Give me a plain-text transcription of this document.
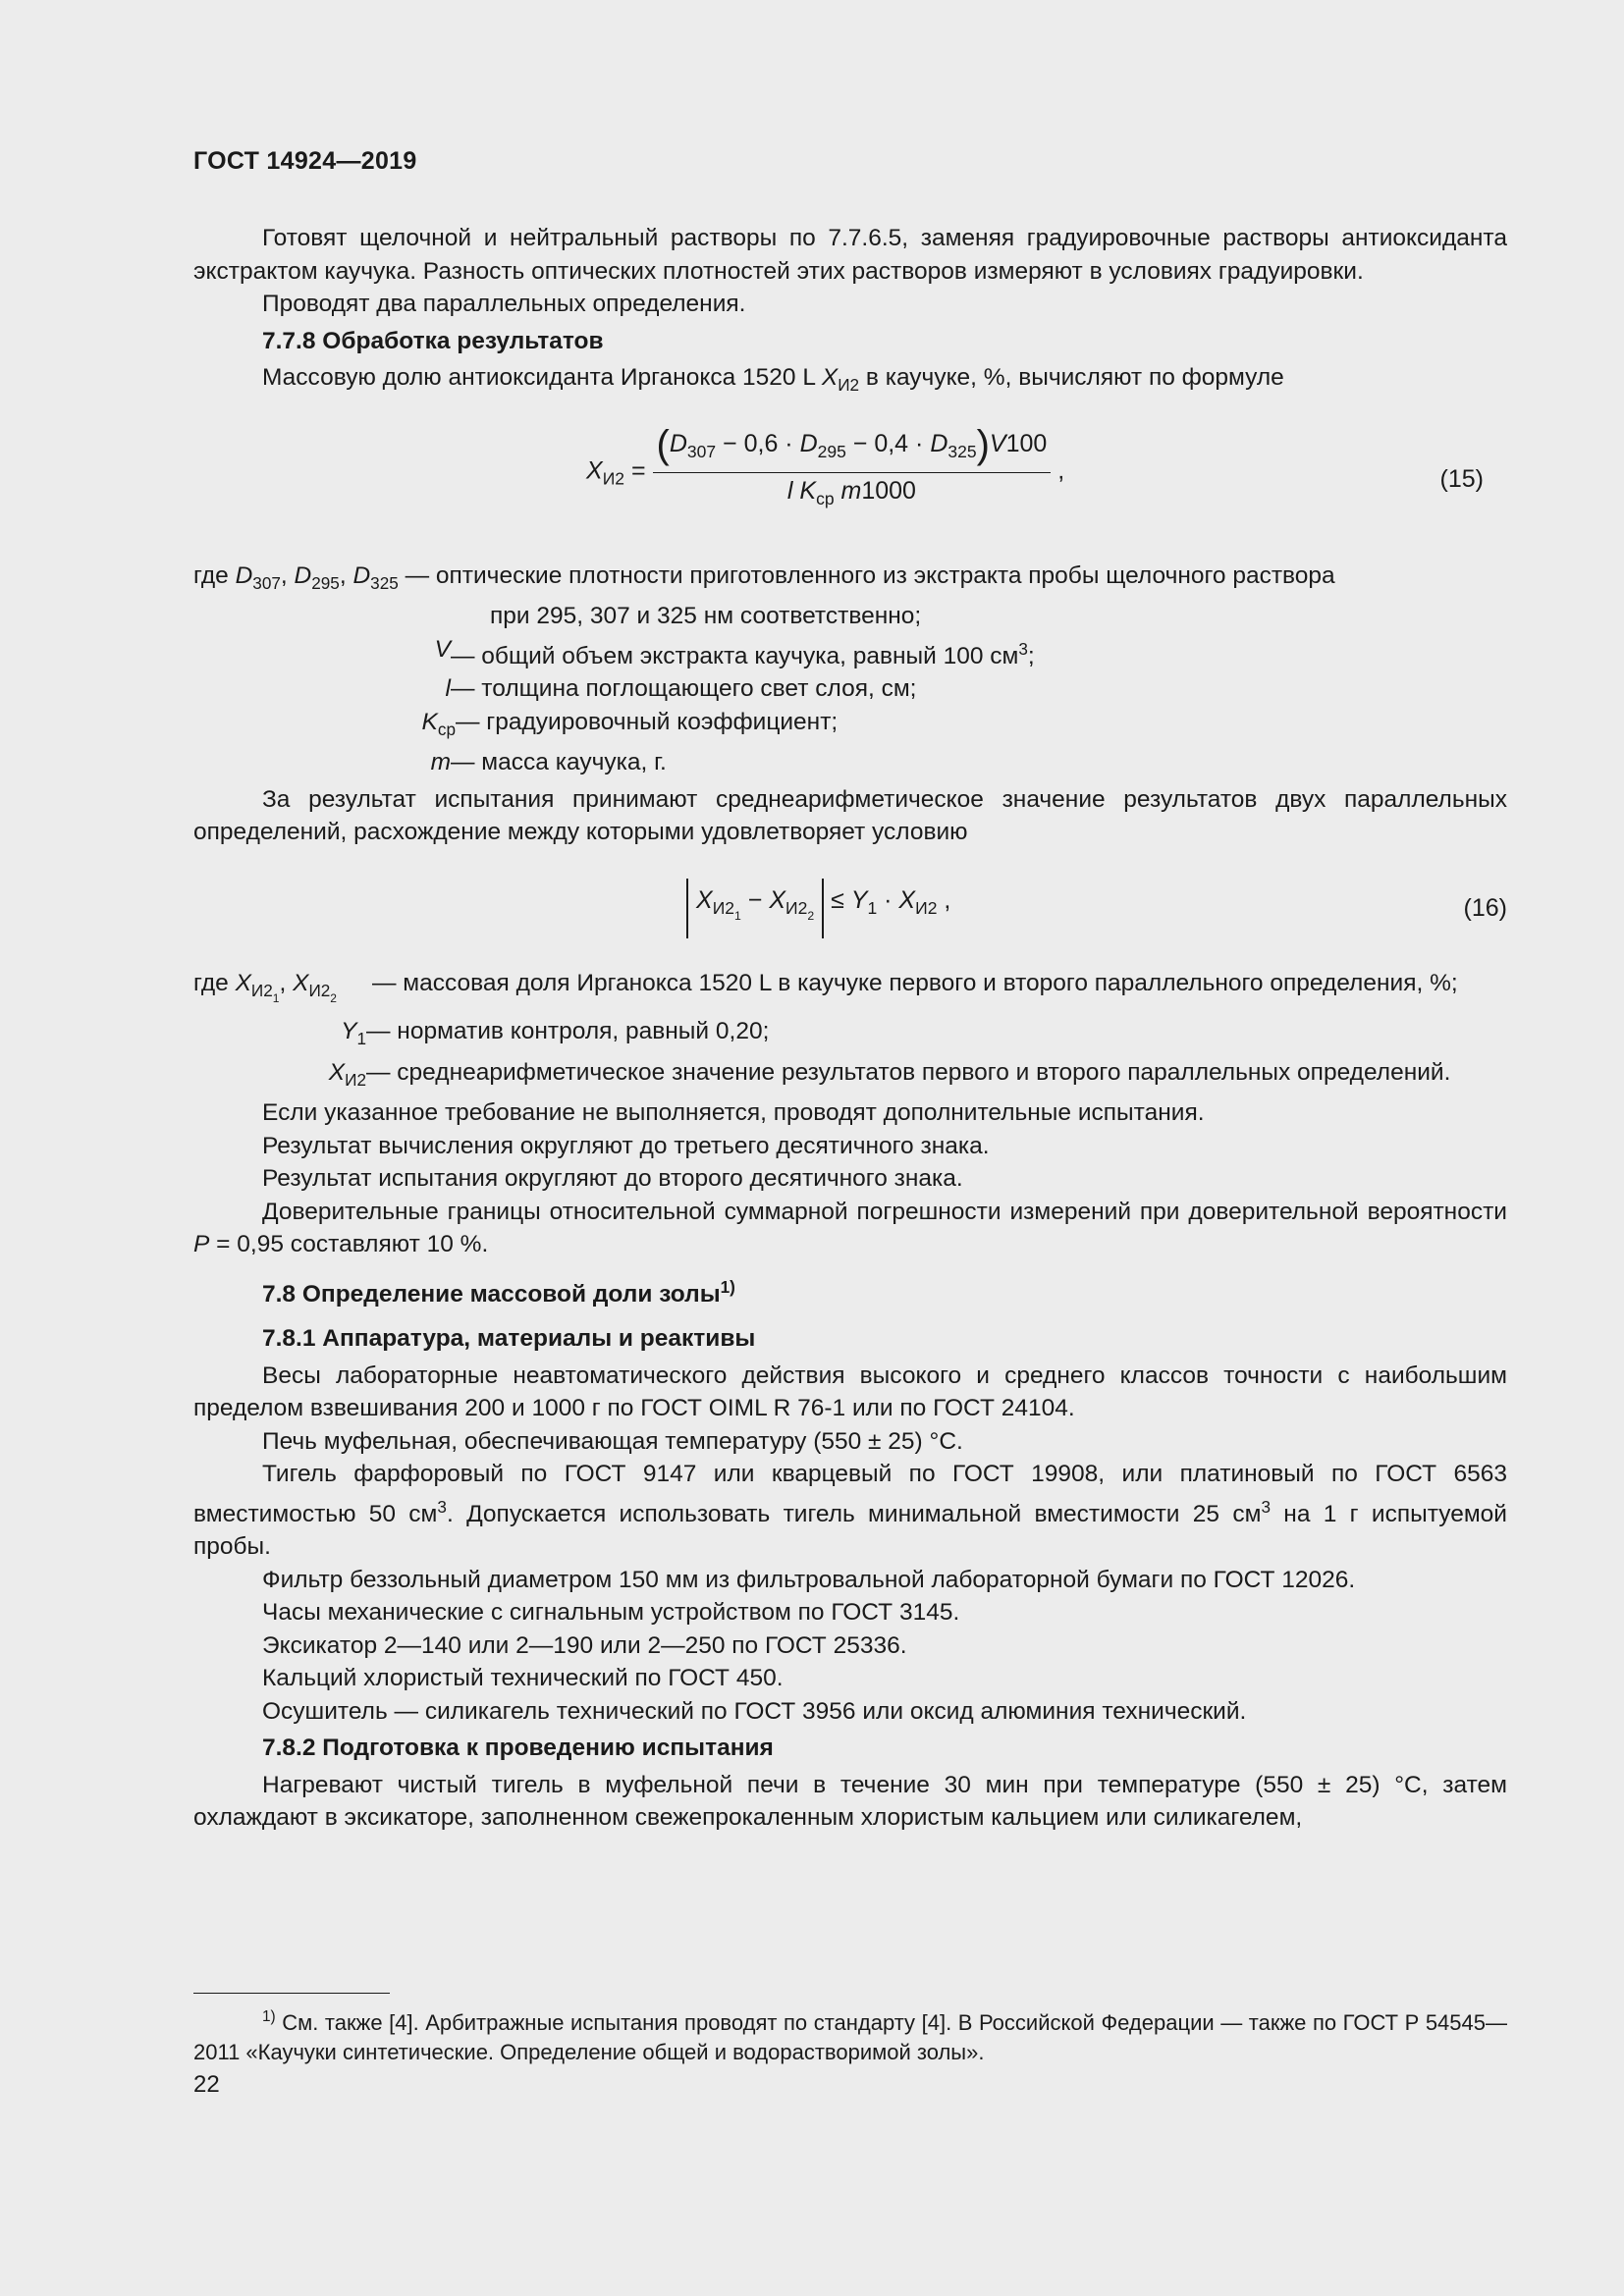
ГОСТ 14924—2019

Готовят щелочной и нейтральный растворы по 7.7.6.5, заменяя градуировочные растворы антиоксиданта экстрактом каучука. Разность оптических плотностей этих растворов измеряют в условиях градуировки.

Проводят два параллельных определения.

7.7.8 Обработка результатов

Массовую долю антиоксиданта Ирганокса 1520 L $X_{И2}$ в каучуке, %, вычисляют по формуле

$X_{И2} = \frac{(D_{307} - 0,6 \cdot D_{295} - 0,4 \cdot D_{325})V100}{l K_{ср} m1000}$ ,	(15)

где $D_{307}$, $D_{295}$, $D_{325}$ — оптические плотности приготовленного из экстракта пробы щелочного раствора

при 295, 307 и 325 нм соответственно;

V — общий объем экстракта каучука, равный 100 $см^3$;
l — толщина поглощающего свет слоя, см;
$K_{ср}$ — градуировочный коэффициент;
m — масса каучука, г.

За результат испытания принимают среднеарифметическое значение результатов двух параллельных определений, расхождение между которыми удовлетворяет условию

$X_{И2_1} - X_{И2_2} \le Y_1 \cdot X_{И2}$ ,	(16)
где $X_{И2_1}$, $X_{И2_2}$
— массовая доля Ирганокса 1520 L в каучуке первого и второго параллельного определения, %;
$Y_1$ — норматив контроля, равный 0,20;
$X_{И2}$ — среднеарифметическое значение результатов первого и второго параллельных определений.

Если указанное требование не выполняется, проводят дополнительные испытания.

Результат вычисления округляют до третьего десятичного знака.

Результат испытания округляют до второго десятичного знака.

Доверительные границы относительной суммарной погрешности измерений при доверительной вероятности P = 0,95 составляют 10 %.

7.8 Определение массовой доли золы$^{1)}$

7.8.1 Аппаратура, материалы и реактивы

Весы лабораторные неавтоматического действия высокого и среднего классов точности с наибольшим пределом взвешивания 200 и 1000 г по ГОСТ OIML R 76-1 или по ГОСТ 24104.

Печь муфельная, обеспечивающая температуру (550 ± 25) °С.

Тигель фарфоровый по ГОСТ 9147 или кварцевый по ГОСТ 19908, или платиновый по ГОСТ 6563 вместимостью 50 $см^3$. Допускается использовать тигель минимальной вместимости 25 $см^3$ на 1 г испытуемой пробы.

Фильтр беззольный диаметром 150 мм из фильтровальной лабораторной бумаги по ГОСТ 12026.

Часы механические с сигнальным устройством по ГОСТ 3145.

Эксикатор 2—140 или 2—190 или 2—250 по ГОСТ 25336.

Кальций хлористый технический по ГОСТ 450.

Осушитель — силикагель технический по ГОСТ 3956 или оксид алюминия технический.

7.8.2 Подготовка к проведению испытания

Нагревают чистый тигель в муфельной печи в течение 30 мин при температуре (550 ± 25) °С, затем охлаждают в эксикаторе, заполненном свежепрокаленным хлористым кальцием или силикагелем,

$^{1)}$ См. также [4]. Арбитражные испытания проводят по стандарту [4]. В Российской Федерации — также по ГОСТ Р 54545—2011 «Каучуки синтетические. Определение общей и водорастворимой золы».
22
